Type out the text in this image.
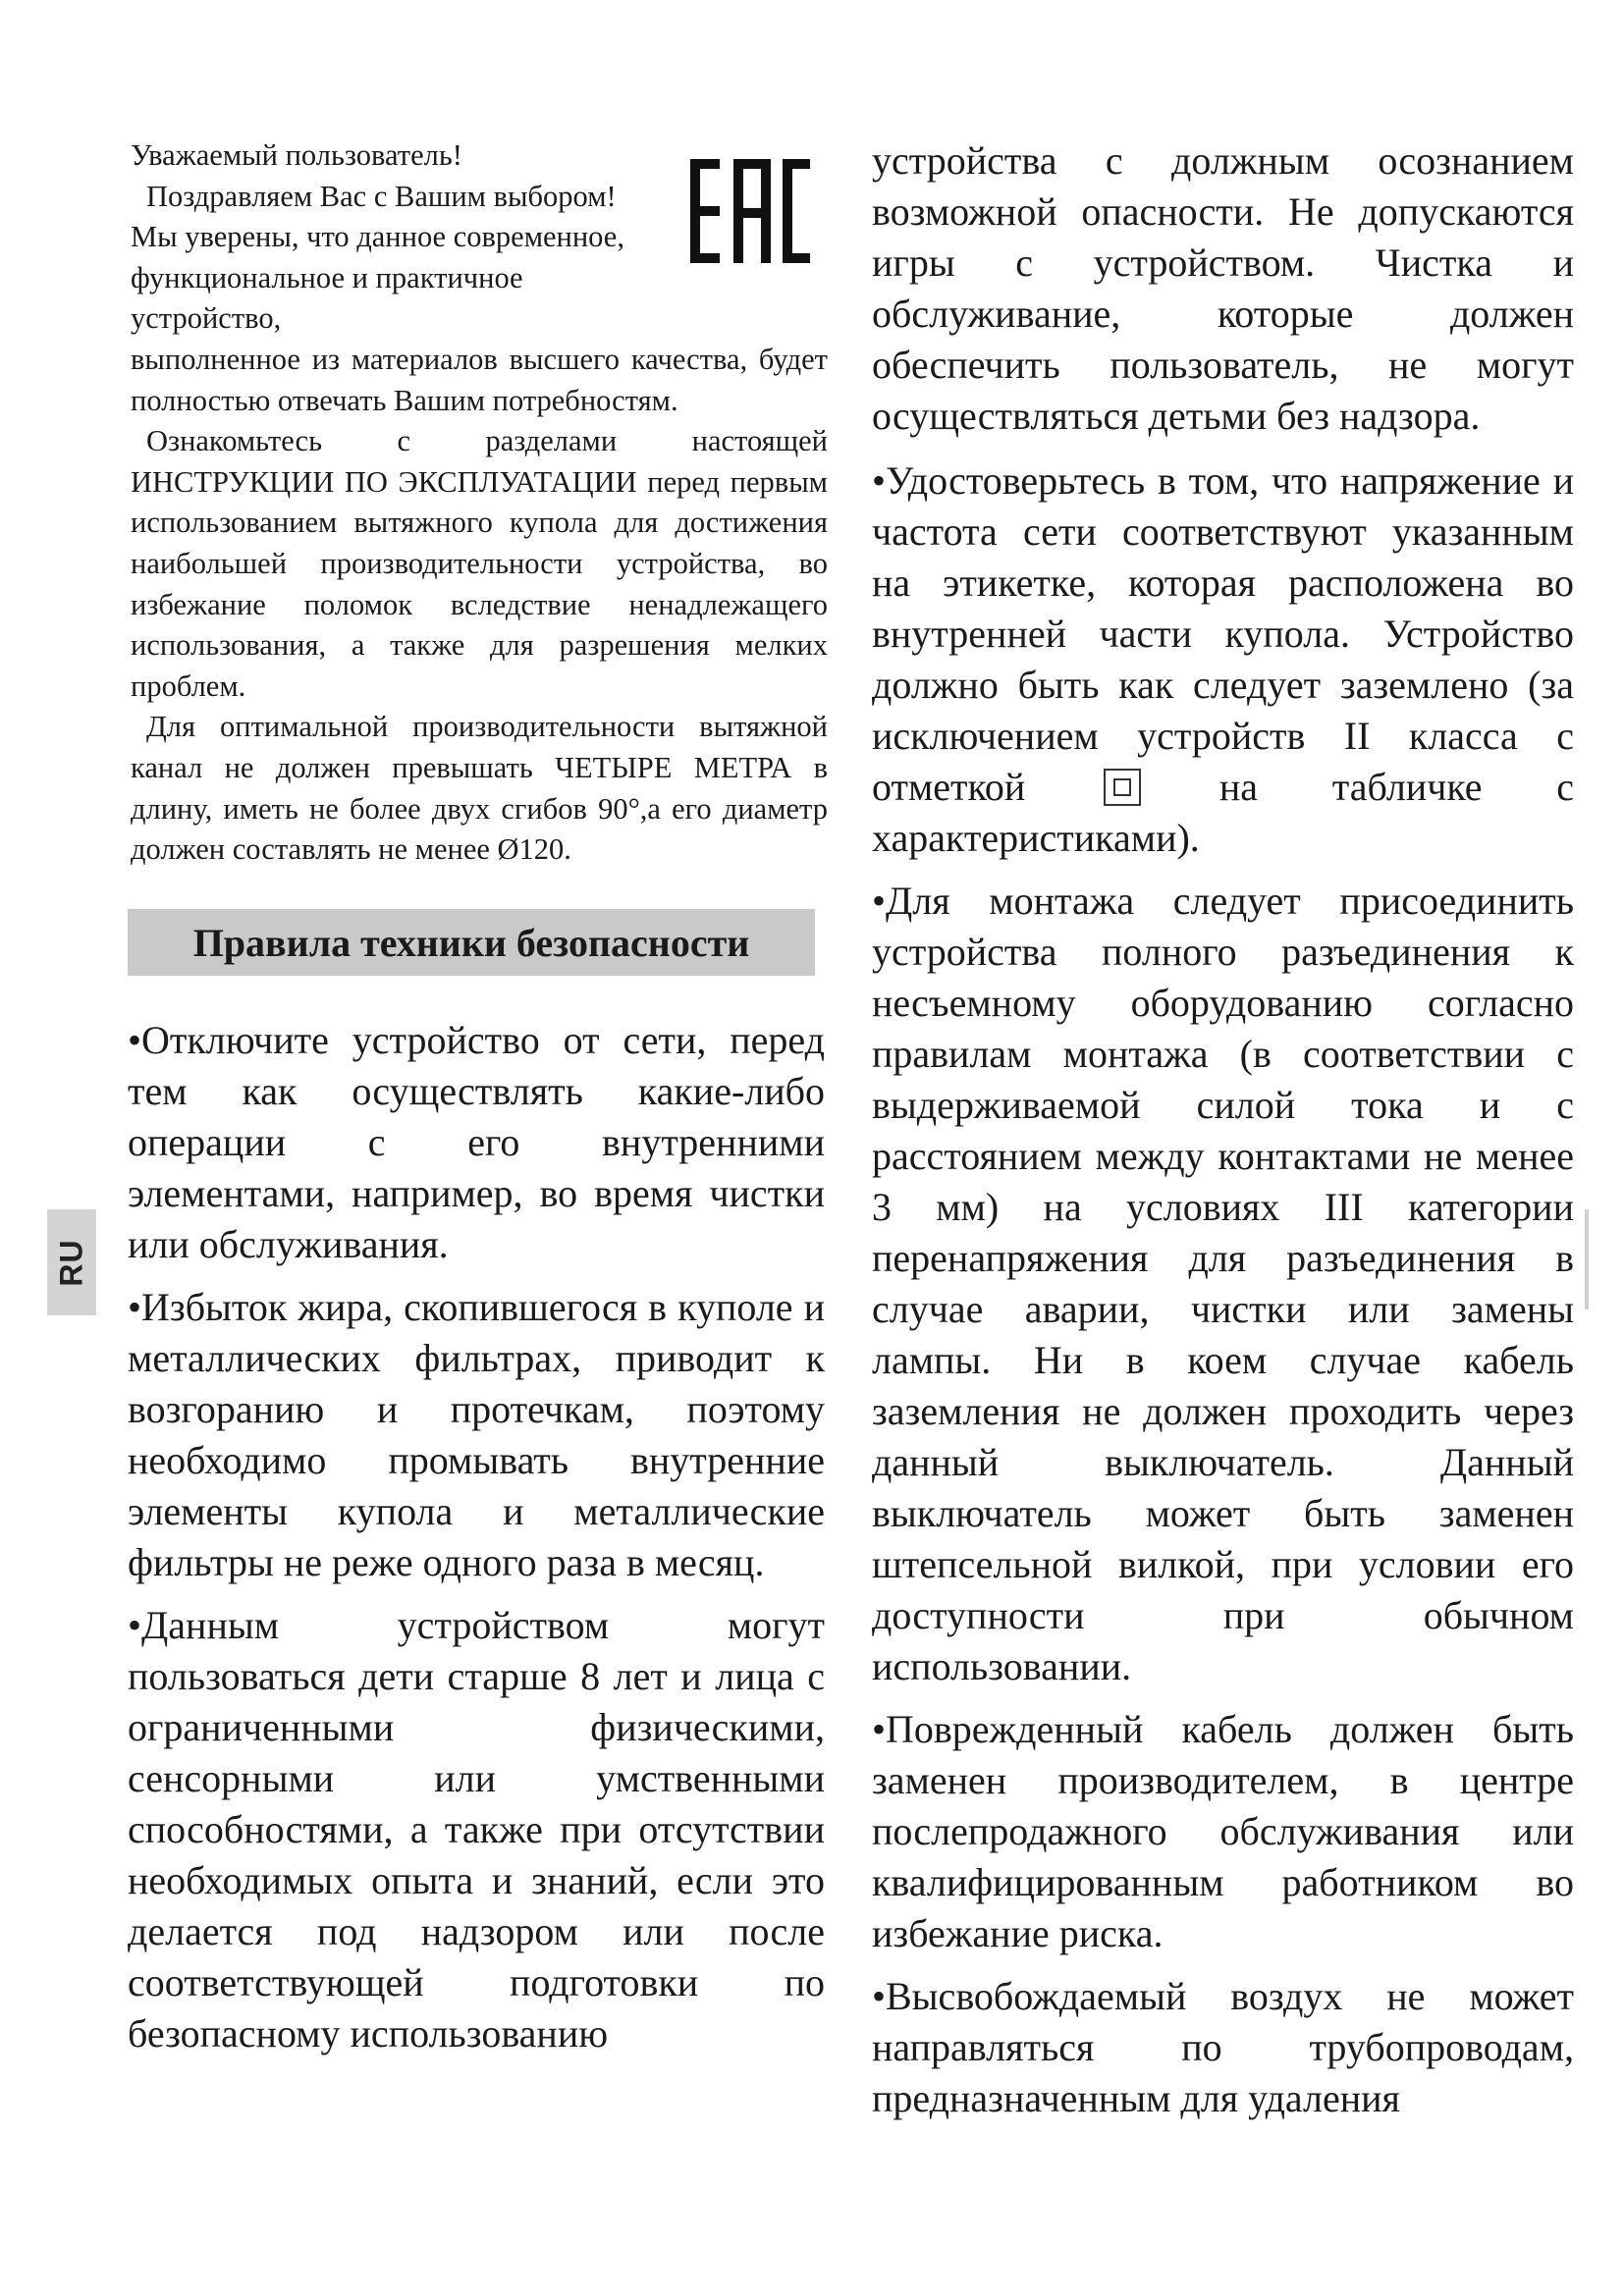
Уважаемый пользователь!

Поздравляем Вас с Вашим выбором! Мы уверены, что данное современное, функциональное и практичное устройство,

выполненное из материалов высшего качества, будет полностью отвечать Вашим потребностям.

Ознакомьтесь с разделами настоящей ИНСТРУКЦИИ ПО ЭКСПЛУАТАЦИИ перед первым использованием вытяжного купола для достижения наибольшей производительности устройства, во избежание поломок вследствие ненадлежащего использования, а также для разрешения мелких проблем.

Для оптимальной производительности вытяжной канал не должен превышать ЧЕТЫРЕ МЕТРА в длину, иметь не более двух сгибов 90°,а его диаметр должен составлять не менее Ø120.

Правила техники безопасности

•Отключите устройство от сети, перед тем как осуществлять какие-либо операции с его внутренними элементами, например, во время чистки или обслуживания.

•Избыток жира, скопившегося в куполе и металлических фильтрах, приводит к возгоранию и протечкам, поэтому необходимо промывать внутренние элементы купола и металлические фильтры не реже одного раза в месяц.

•Данным устройством могут пользоваться дети старше 8 лет и лица с ограниченными физическими, сенсорными или умственными способностями, а также при отсутствии необходимых опыта и знаний, если это делается под надзором или после соответствующей подготовки по безопасному использованию

устройства с должным осознанием возможной опасности. Не допускаются игры с устройством. Чистка и обслуживание, которые должен обеспечить пользователь, не могут осуществляться детьми без надзора.

•Удостоверьтесь в том, что напряжение и частота сети соответствуют указанным на этикетке, которая расположена во внутренней части купола. Устройство должно быть как следует заземлено (за исключением устройств II класса с отметкой	на табличке с характеристиками).

•Для монтажа следует присоединить устройства полного разъединения к несъемному оборудованию согласно правилам монтажа (в соответствии с выдерживаемой силой тока и с расстоянием между контактами не менее 3 мм) на условиях III категории перенапряжения для разъединения в случае аварии, чистки или замены лампы. Ни в коем случае кабель заземления не должен проходить через данный выключатель. Данный выключатель может быть заменен штепсельной вилкой, при условии его доступности при обычном использовании.

•Поврежденный кабель должен быть заменен производителем, в центре послепродажного обслуживания или квалифицированным работником во избежание риска.

•Высвобождаемый воздух не может направляться по трубопроводам, предназначенным для удаления

RU
